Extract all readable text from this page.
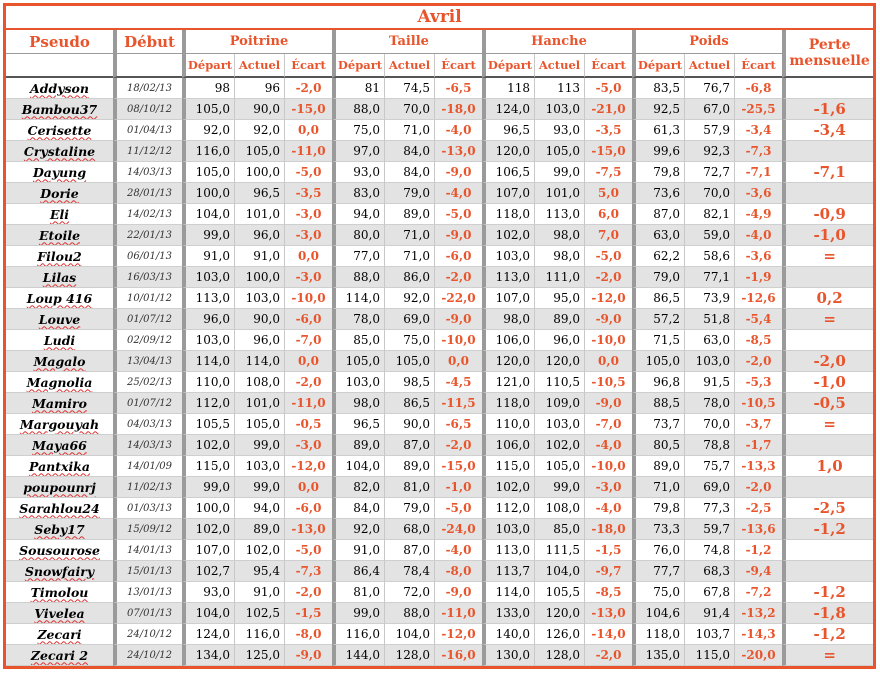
Avril														
Pseudo	Début	Poitrine			Taille			Hanche			Poids			Perte
mensuelle

		Départ	Actuel	Écart	Départ	Actuel	Écart	Départ	Actuel	Écart	Départ	Actuel	Écart	
Addyson	18/02/13	98	96	-2,0	81	74,5	-6,5	118	113	-5,0	83,5	76,7	-6,8	
Bambou37	08/10/12	105,0	90,0	-15,0	88,0	70,0	-18,0	124,0	103,0	-21,0	92,5	67,0	-25,5	-1,6
Cerisette	01/04/13	92,0	92,0	0,0	75,0	71,0	-4,0	96,5	93,0	-3,5	61,3	57,9	-3,4	-3,4
Crystaline	11/12/12	116,0	105,0	-11,0	97,0	84,0	-13,0	120,0	105,0	-15,0	99,6	92,3	-7,3	
Dayung	14/03/13	105,0	100,0	-5,0	93,0	84,0	-9,0	106,5	99,0	-7,5	79,8	72,7	-7,1	-7,1
Dorie	28/01/13	100,0	96,5	-3,5	83,0	79,0	-4,0	107,0	101,0	5,0	73,6	70,0	-3,6	
Eli	14/02/13	104,0	101,0	-3,0	94,0	89,0	-5,0	118,0	113,0	6,0	87,0	82,1	-4,9	-0,9
Etoile	22/01/13	99,0	96,0	-3,0	80,0	71,0	-9,0	102,0	98,0	7,0	63,0	59,0	-4,0	-1,0
Filou2	06/01/13	91,0	91,0	0,0	77,0	71,0	-6,0	103,0	98,0	-5,0	62,2	58,6	-3,6	=
Lilas	16/03/13	103,0	100,0	-3,0	88,0	86,0	-2,0	113,0	111,0	-2,0	79,0	77,1	-1,9	
Loup 416	10/01/12	113,0	103,0	-10,0	114,0	92,0	-22,0	107,0	95,0	-12,0	86,5	73,9	-12,6	0,2
Louve	01/07/12	96,0	90,0	-6,0	78,0	69,0	-9,0	98,0	89,0	-9,0	57,2	51,8	-5,4	=
Ludi	02/09/12	103,0	96,0	-7,0	85,0	75,0	-10,0	106,0	96,0	-10,0	71,5	63,0	-8,5	
Magalo	13/04/13	114,0	114,0	0,0	105,0	105,0	0,0	120,0	120,0	0,0	105,0	103,0	-2,0	-2,0
Magnolia	25/02/13	110,0	108,0	-2,0	103,0	98,5	-4,5	121,0	110,5	-10,5	96,8	91,5	-5,3	-1,0
Mamiro	01/07/12	112,0	101,0	-11,0	98,0	86,5	-11,5	118,0	109,0	-9,0	88,5	78,0	-10,5	-0,5
Margouyah	04/03/13	105,5	105,0	-0,5	96,5	90,0	-6,5	110,0	103,0	-7,0	73,7	70,0	-3,7	=
Maya66	14/03/13	102,0	99,0	-3,0	89,0	87,0	-2,0	106,0	102,0	-4,0	80,5	78,8	-1,7	
Pantxika	14/01/09	115,0	103,0	-12,0	104,0	89,0	-15,0	115,0	105,0	-10,0	89,0	75,7	-13,3	1,0
poupounrj	11/02/13	99,0	99,0	0,0	82,0	81,0	-1,0	102,0	99,0	-3,0	71,0	69,0	-2,0	
Sarahlou24	01/03/13	100,0	94,0	-6,0	84,0	79,0	-5,0	112,0	108,0	-4,0	79,8	77,3	-2,5	-2,5
Seby17	15/09/12	102,0	89,0	-13,0	92,0	68,0	-24,0	103,0	85,0	-18,0	73,3	59,7	-13,6	-1,2
Sousourose	14/01/13	107,0	102,0	-5,0	91,0	87,0	-4,0	113,0	111,5	-1,5	76,0	74,8	-1,2	
Snowfairy	15/01/13	102,7	95,4	-7,3	86,4	78,4	-8,0	113,7	104,0	-9,7	77,7	68,3	-9,4	
Timolou	13/01/13	93,0	91,0	-2,0	81,0	72,0	-9,0	114,0	105,5	-8,5	75,0	67,8	-7,2	-1,2
Vivelea	07/01/13	104,0	102,5	-1,5	99,0	88,0	-11,0	133,0	120,0	-13,0	104,6	91,4	-13,2	-1,8
Zecari	24/10/12	124,0	116,0	-8,0	116,0	104,0	-12,0	140,0	126,0	-14,0	118,0	103,7	-14,3	-1,2
Zecari 2	24/10/12	134,0	125,0	-9,0	144,0	128,0	-16,0	130,0	128,0	-2,0	135,0	115,0	-20,0	=
